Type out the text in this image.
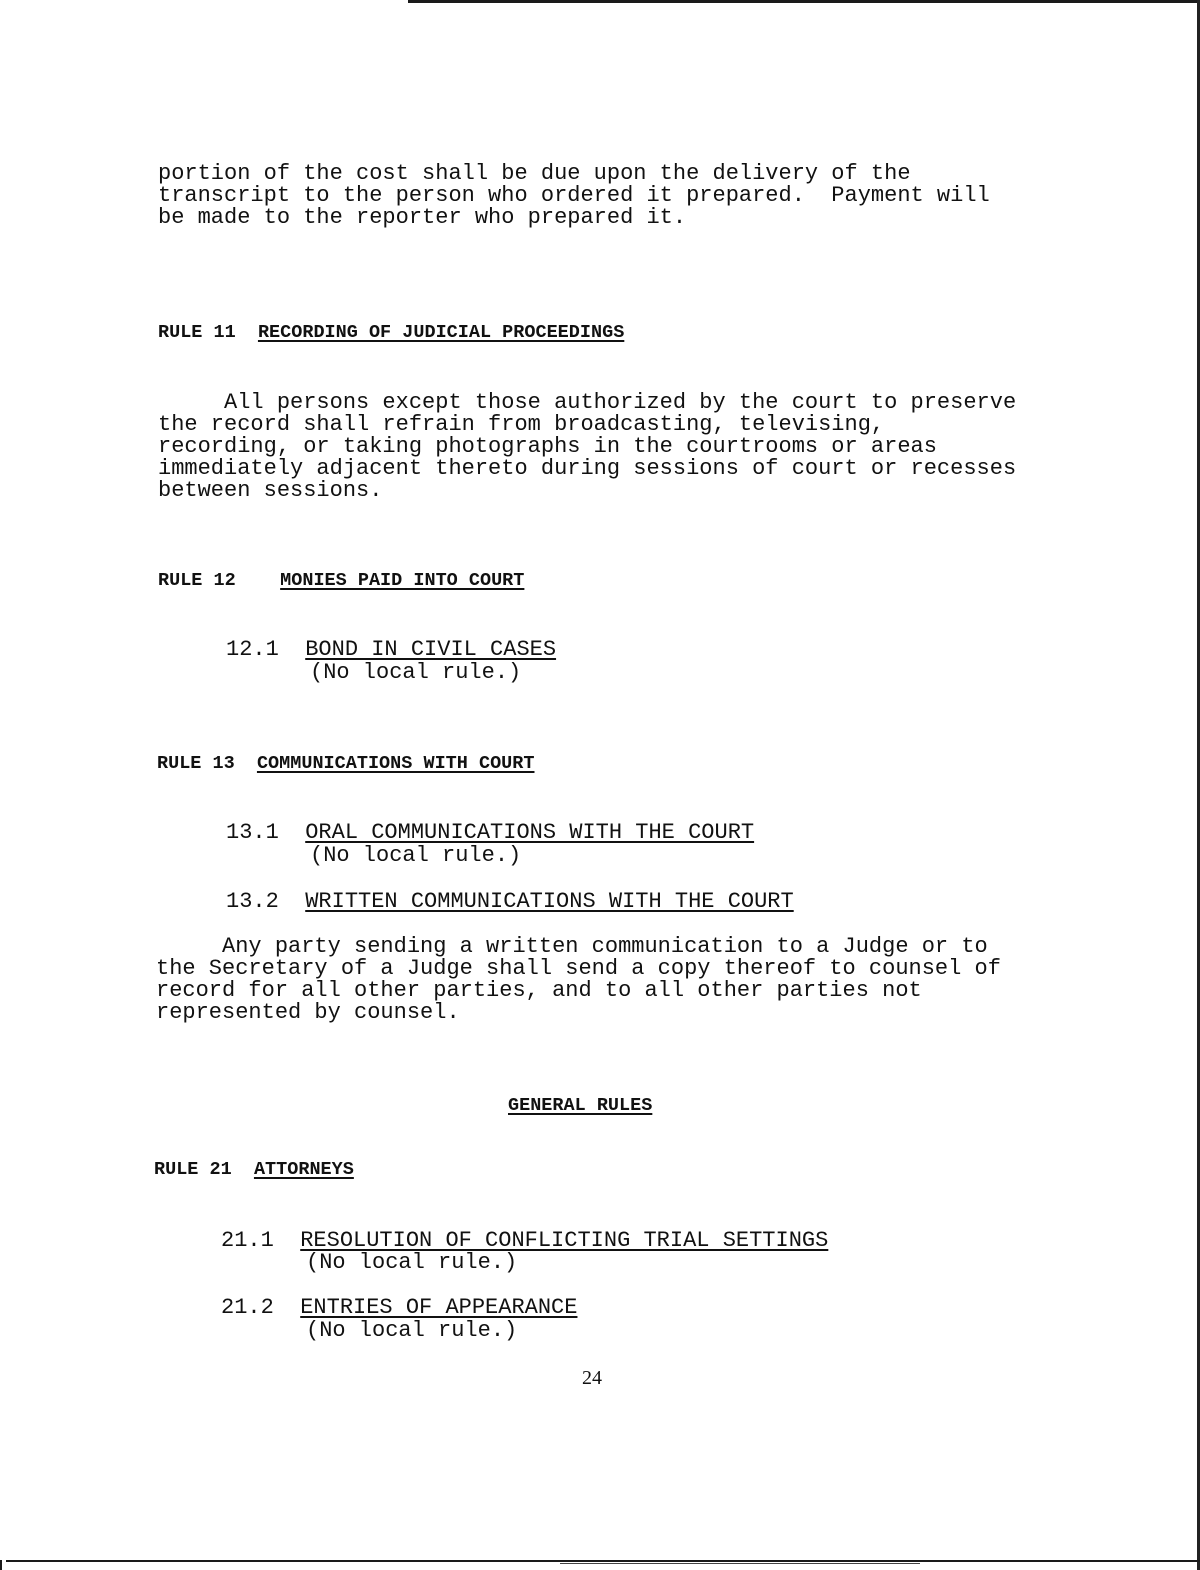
portion of the cost shall be due upon the delivery of the
transcript to the person who ordered it prepared.  Payment will
be made to the reporter who prepared it.
RULE 11 RECORDING OF JUDICIAL PROCEEDINGS
All persons except those authorized by the court to preserve
the record shall refrain from broadcasting, televising,
recording, or taking photographs in the courtrooms or areas
immediately adjacent thereto during sessions of court or recesses
between sessions.
RULE 12 MONIES PAID INTO COURT
12.1 BOND IN CIVIL CASES
(No local rule.)
RULE 13 COMMUNICATIONS WITH COURT
13.1 ORAL COMMUNICATIONS WITH THE COURT
(No local rule.)
13.2 WRITTEN COMMUNICATIONS WITH THE COURT
Any party sending a written communication to a Judge or to
the Secretary of a Judge shall send a copy thereof to counsel of
record for all other parties, and to all other parties not
represented by counsel.
GENERAL RULES
RULE 21 ATTORNEYS
21.1 RESOLUTION OF CONFLICTING TRIAL SETTINGS
(No local rule.)
21.2 ENTRIES OF APPEARANCE
(No local rule.)
24
